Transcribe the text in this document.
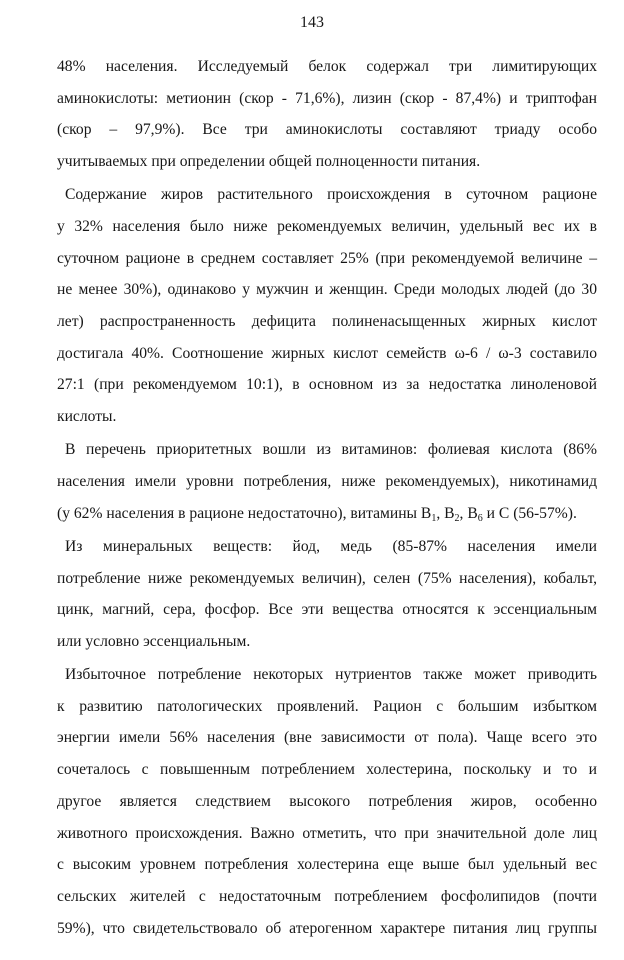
143
48% населения. Исследуемый белок содержал три лимитирующих
аминокислоты: метионин (скор - 71,6%), лизин (скор - 87,4%) и триптофан
(скор – 97,9%). Все три аминокислоты составляют триаду особо
учитываемых при определении общей полноценности питания.
Содержание жиров растительного происхождения в суточном рационе
у 32% населения было ниже рекомендуемых величин, удельный вес их в
суточном рационе в среднем составляет 25% (при рекомендуемой величине –
не менее 30%), одинаково у мужчин и женщин. Среди молодых людей (до 30
лет) распространенность дефицита полиненасыщенных жирных кислот
достигала 40%. Соотношение жирных кислот семейств ω-6 / ω-3 составило
27:1 (при рекомендуемом 10:1), в основном из за недостатка линоленовой
кислоты.
В перечень приоритетных вошли из витаминов: фолиевая кислота (86%
населения имели уровни потребления, ниже рекомендуемых), никотинамид
(у 62% населения в рационе недостаточно), витамины $B_1$, $B_2$, $B_6$ и С (56-57%).
Из минеральных веществ: йод, медь (85-87% населения имели
потребление ниже рекомендуемых величин), селен (75% населения), кобальт,
цинк, магний, сера, фосфор. Все эти вещества относятся к эссенциальным
или условно эссенциальным.
Избыточное потребление некоторых нутриентов также может приводить
к развитию патологических проявлений. Рацион с большим избытком
энергии имели 56% населения (вне зависимости от пола). Чаще всего это
сочеталось с повышенным потреблением холестерина, поскольку и то и
другое является следствием высокого потребления жиров, особенно
животного происхождения. Важно отметить, что при значительной доле лиц
с высоким уровнем потребления холестерина еще выше был удельный вес
сельских жителей с недостаточным потреблением фосфолипидов (почти
59%), что свидетельствовало об атерогенном характере питания лиц группы
